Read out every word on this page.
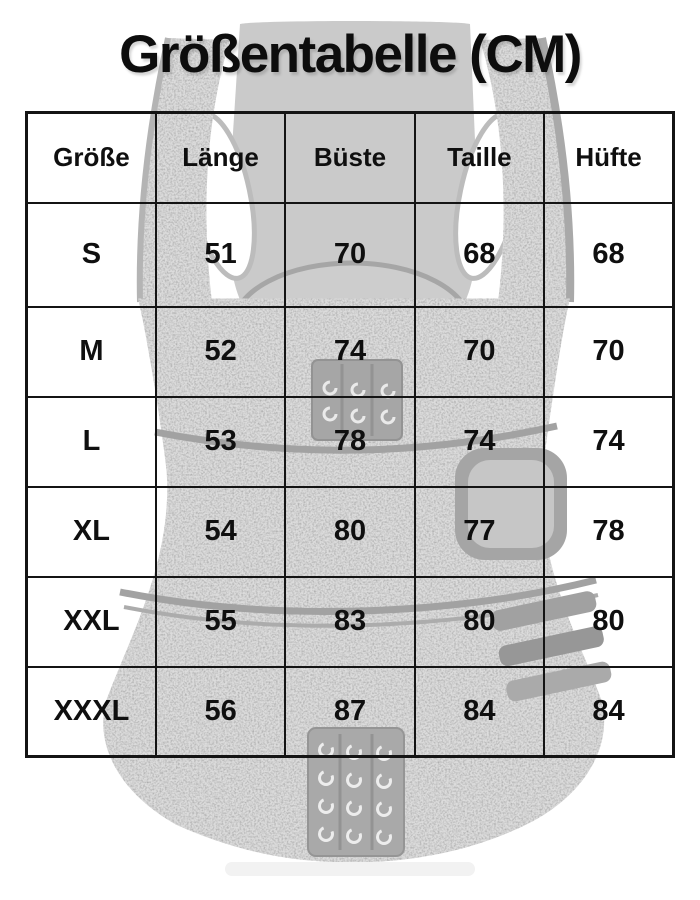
Größentabelle (CM)
Größe	Länge	Büste	Taille	Hüfte
S	51	70	68	68
M	52	74	70	70
L	53	78	74	74
XL	54	80	77	78
XXL	55	83	80	80
XXXL	56	87	84	84
